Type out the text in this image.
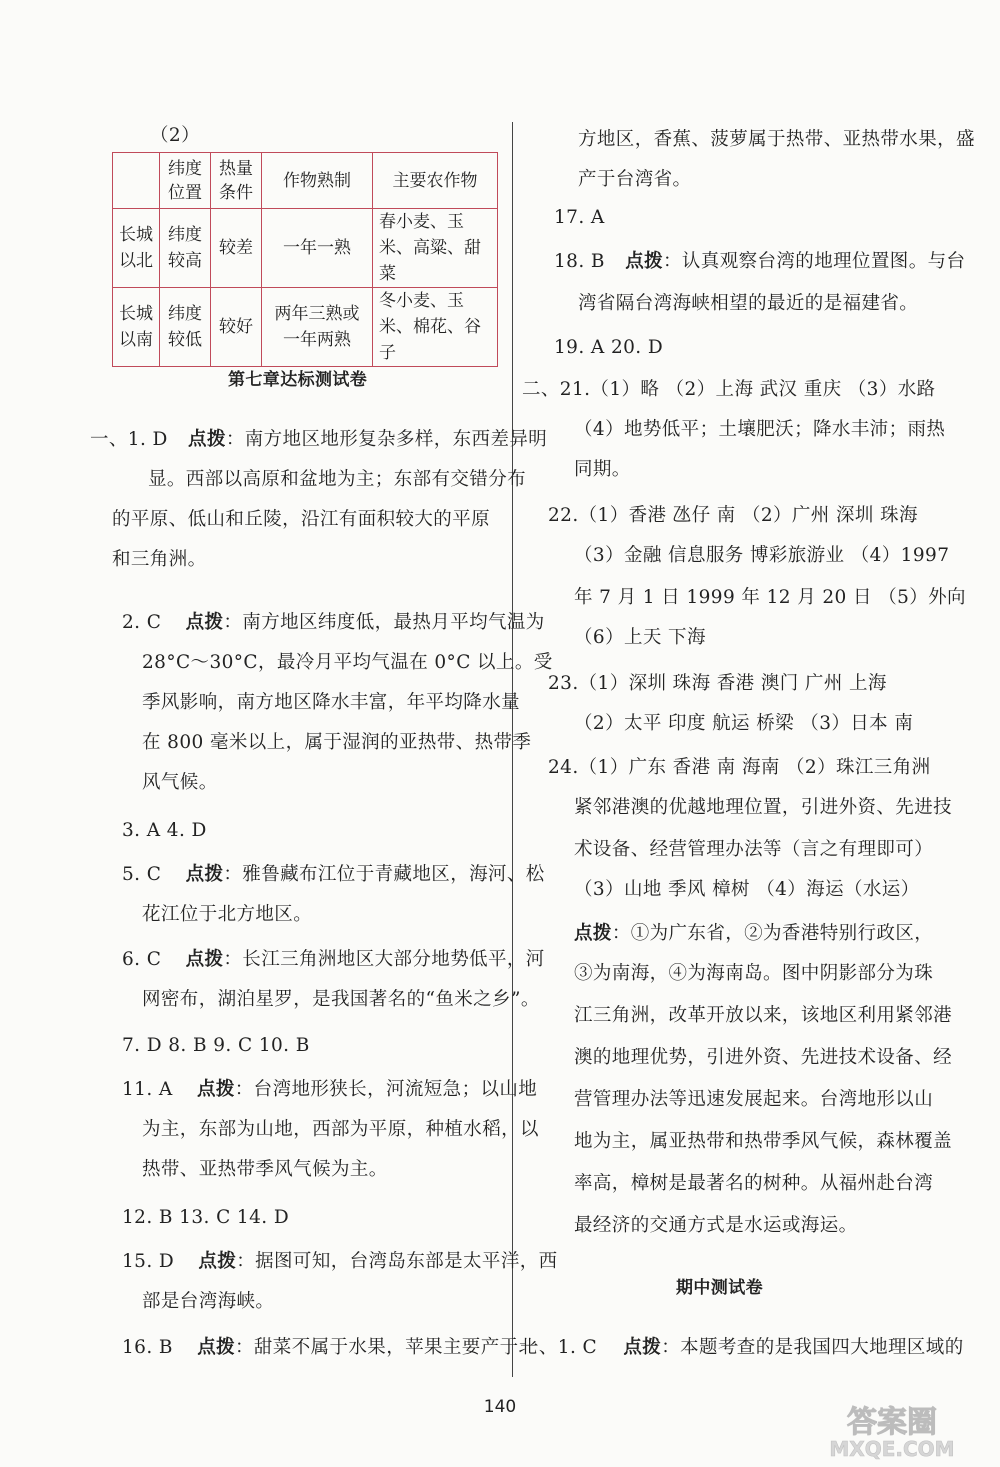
（2）
	纬度位置	热量条件	作物熟制	主要农作物
长城以北	纬度较高	较差	一年一熟	春小麦、玉米、高粱、甜菜
长城以南	纬度较低	较好	两年三熟或一年两熟	冬小麦、玉米、棉花、谷子
第七章达标测试卷
一、1. D 点拨：南方地区地形复杂多样，东西差异明
显。西部以高原和盆地为主；东部有交错分布
的平原、低山和丘陵，沿江有面积较大的平原
和三角洲。
2. C 点拨：南方地区纬度低，最热月平均气温为
28°C～30°C，最冷月平均气温在 0°C 以上。受
季风影响，南方地区降水丰富，年平均降水量
在 800 毫米以上，属于湿润的亚热带、热带季
风气候。
3. A 4. D
5. C 点拨：雅鲁藏布江位于青藏地区，海河、松
花江位于北方地区。
6. C 点拨：长江三角洲地区大部分地势低平，河
网密布，湖泊星罗，是我国著名的“鱼米之乡”。
7. D 8. B 9. C 10. B
11. A 点拨：台湾地形狭长，河流短急；以山地
为主，东部为山地，西部为平原，种植水稻，以
热带、亚热带季风气候为主。
12. B 13. C 14. D
15. D 点拨：据图可知，台湾岛东部是太平洋，西
部是台湾海峡。
16. B 点拨：甜菜不属于水果，苹果主要产于北
方地区，香蕉、菠萝属于热带、亚热带水果，盛
产于台湾省。
17. A
18. B 点拨：认真观察台湾的地理位置图。与台
湾省隔台湾海峡相望的最近的是福建省。
19. A 20. D
二、21.（1）略 （2）上海 武汉 重庆 （3）水路
（4）地势低平；土壤肥沃；降水丰沛；雨热
同期。
22.（1）香港 氹仔 南 （2）广州 深圳 珠海
（3）金融 信息服务 博彩旅游业 （4）1997
年 7 月 1 日 1999 年 12 月 20 日 （5）外向
（6）上天 下海
23.（1）深圳 珠海 香港 澳门 广州 上海
（2）太平 印度 航运 桥梁 （3）日本 南
24.（1）广东 香港 南 海南 （2）珠江三角洲
紧邻港澳的优越地理位置，引进外资、先进技
术设备、经营管理办法等（言之有理即可）
（3）山地 季风 樟树 （4）海运（水运）
点拨：①为广东省，②为香港特别行政区，
③为南海，④为海南岛。图中阴影部分为珠
江三角洲，改革开放以来，该地区利用紧邻港
澳的地理优势，引进外资、先进技术设备、经
营管理办法等迅速发展起来。台湾地形以山
地为主，属亚热带和热带季风气候，森林覆盖
率高，樟树是最著名的树种。从福州赴台湾
最经济的交通方式是水运或海运。
期中测试卷
一、1. C 点拨：本题考查的是我国四大地理区域的
140	答案圈
MXQE.COM
